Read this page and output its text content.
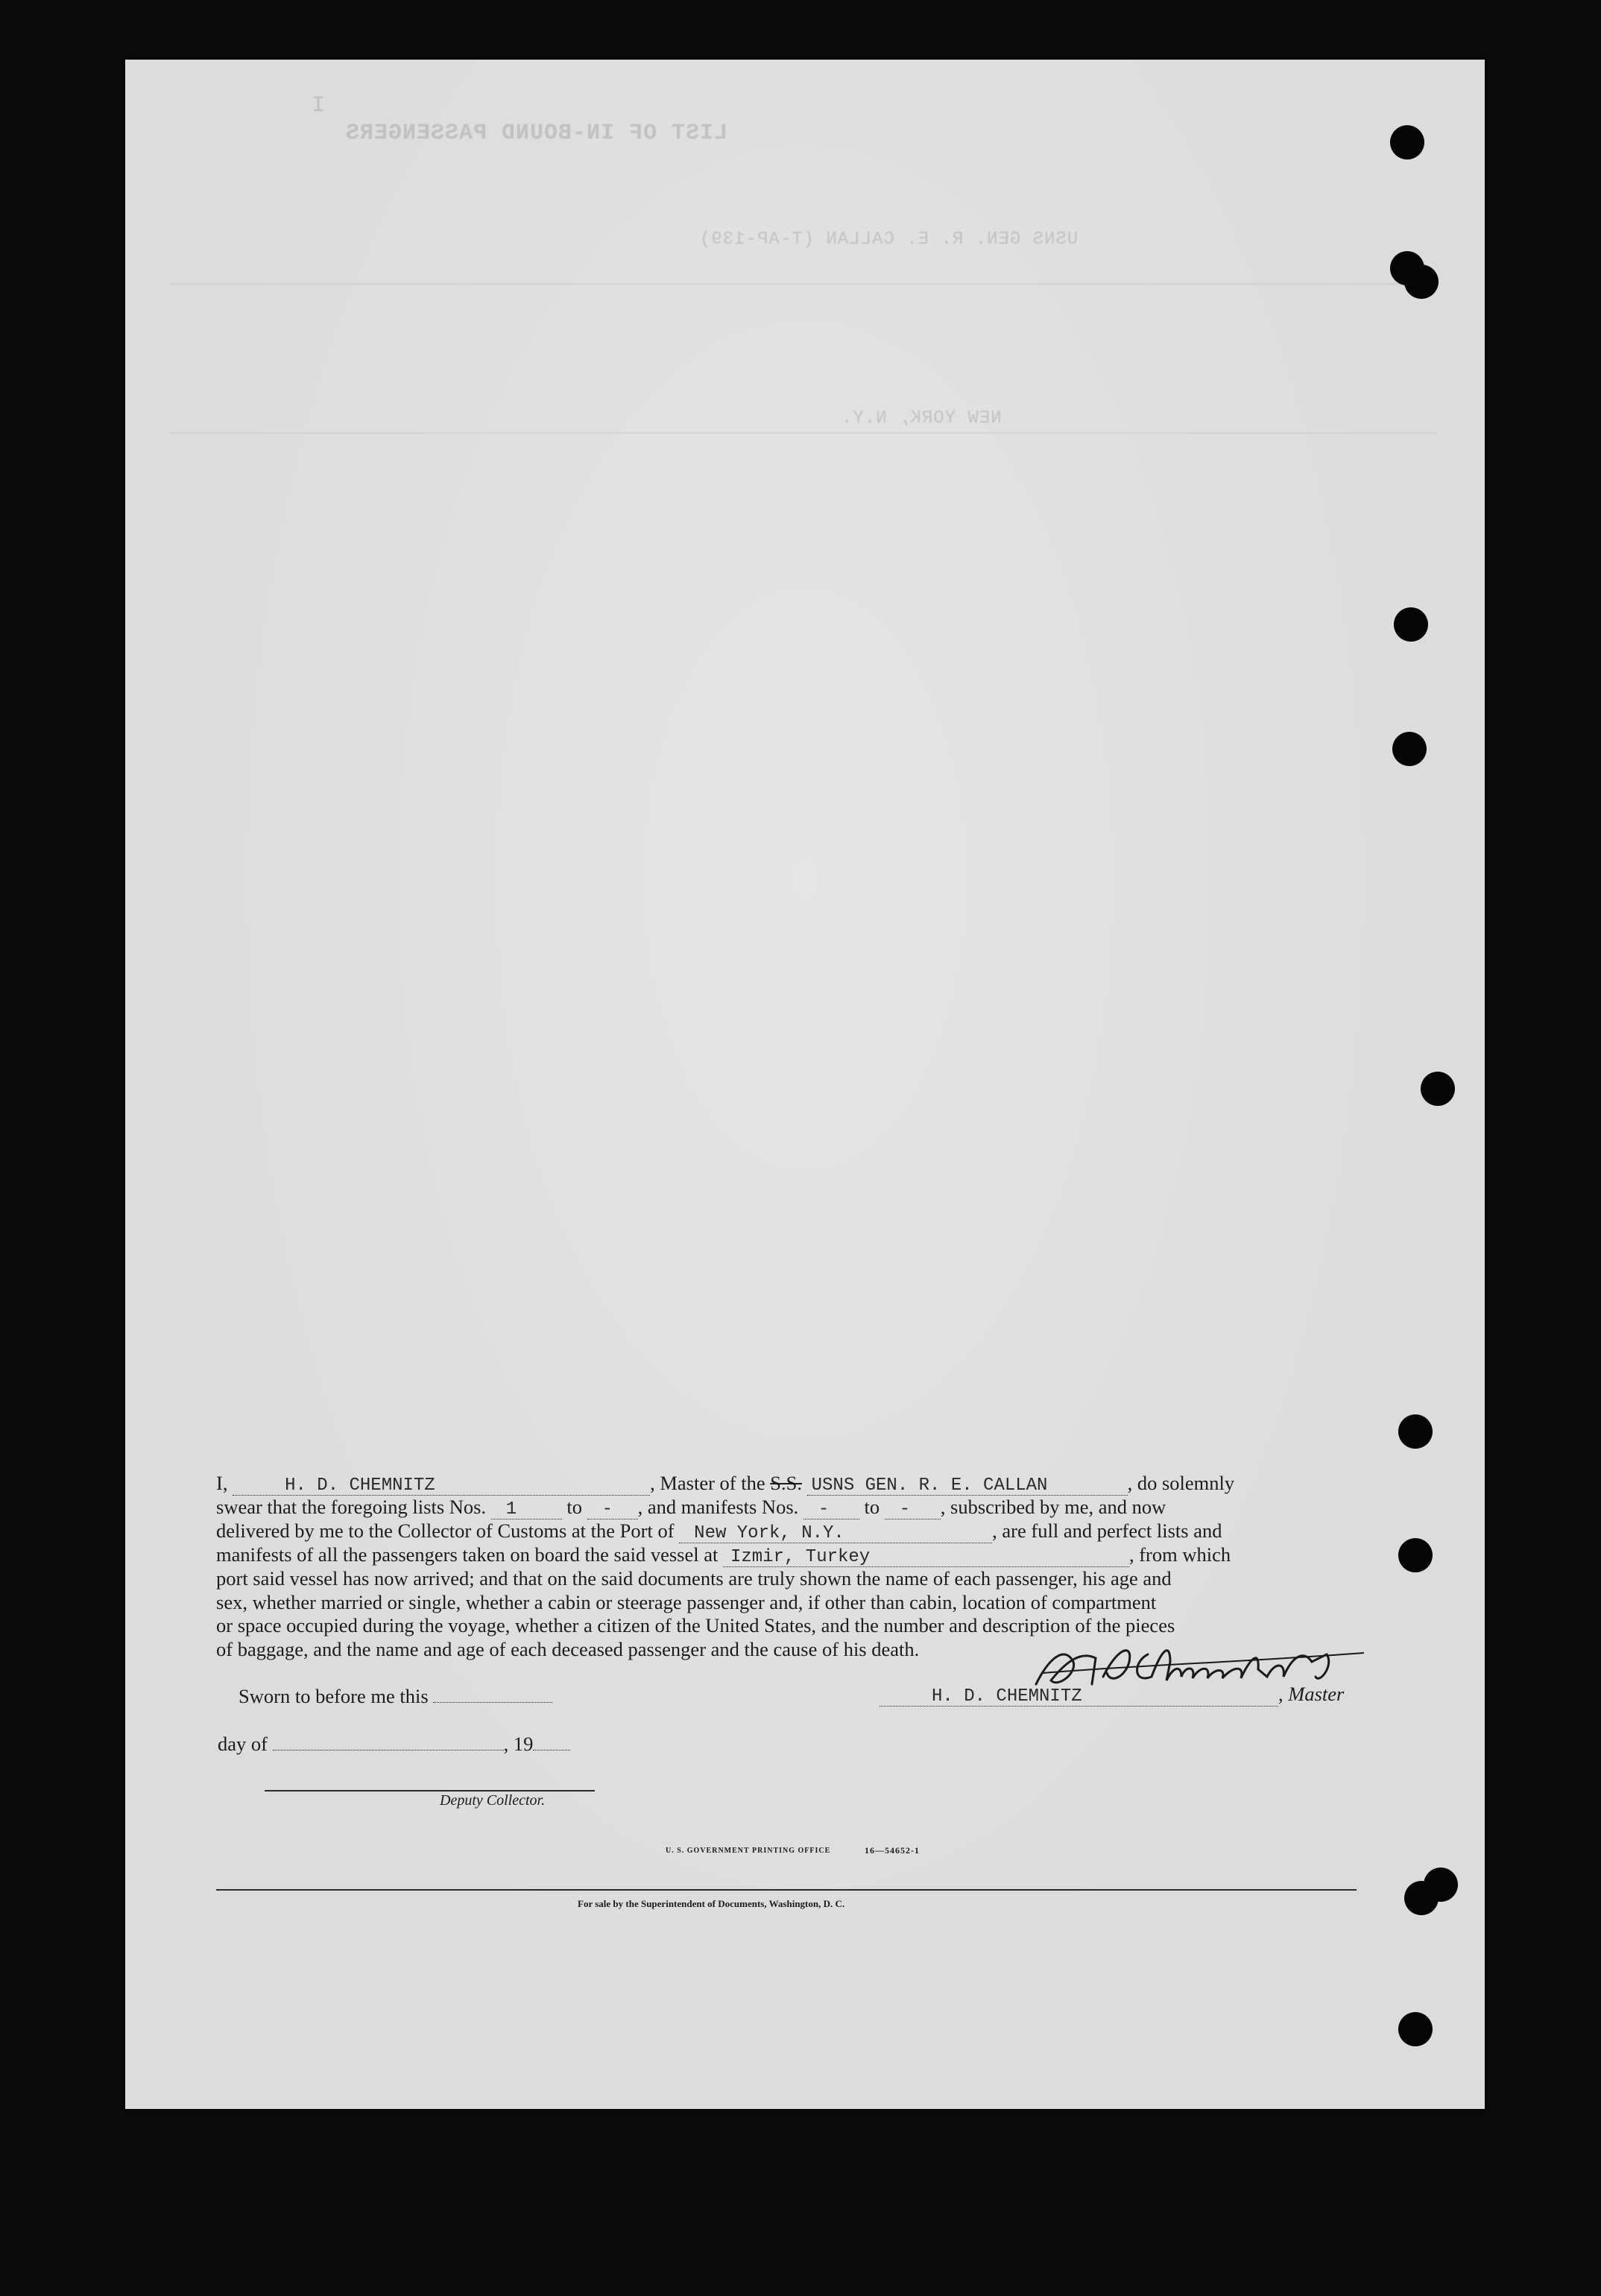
I
LIST OF IN-BOUND PASSENGERS
USNS GEN. R. E. CALLAN (T-AP-139)
NEW YORK, N.Y.

I,	H. D. CHEMNITZ	, Master of the S.S. USNS GEN. R. E. CALLAN	, do solemnly

swear that the foregoing lists Nos. 1	to - , and manifests Nos. - to - , subscribed by me, and now

delivered by me to the Collector of Customs at the Port of New York, N.Y.	, are full and perfect lists and

manifests of all the passengers taken on board the said vessel at Izmir, Turkey	, from which

port said vessel has now arrived; and that on the said documents are truly shown the name of each passenger, his age and

sex, whether married or single, whether a cabin or steerage passenger and, if other than cabin, location of compartment

or space occupied during the voyage, whether a citizen of the United States, and the number and description of the pieces

of baggage, and the name and age of each deceased passenger and the cause of his death.

Sworn to before me this	H. D. CHEMNITZ	, Master
day of	, 19
Deputy Collector.
U. S. GOVERNMENT PRINTING OFFICE	16—54652-1
For sale by the Superintendent of Documents, Washington, D. C.
